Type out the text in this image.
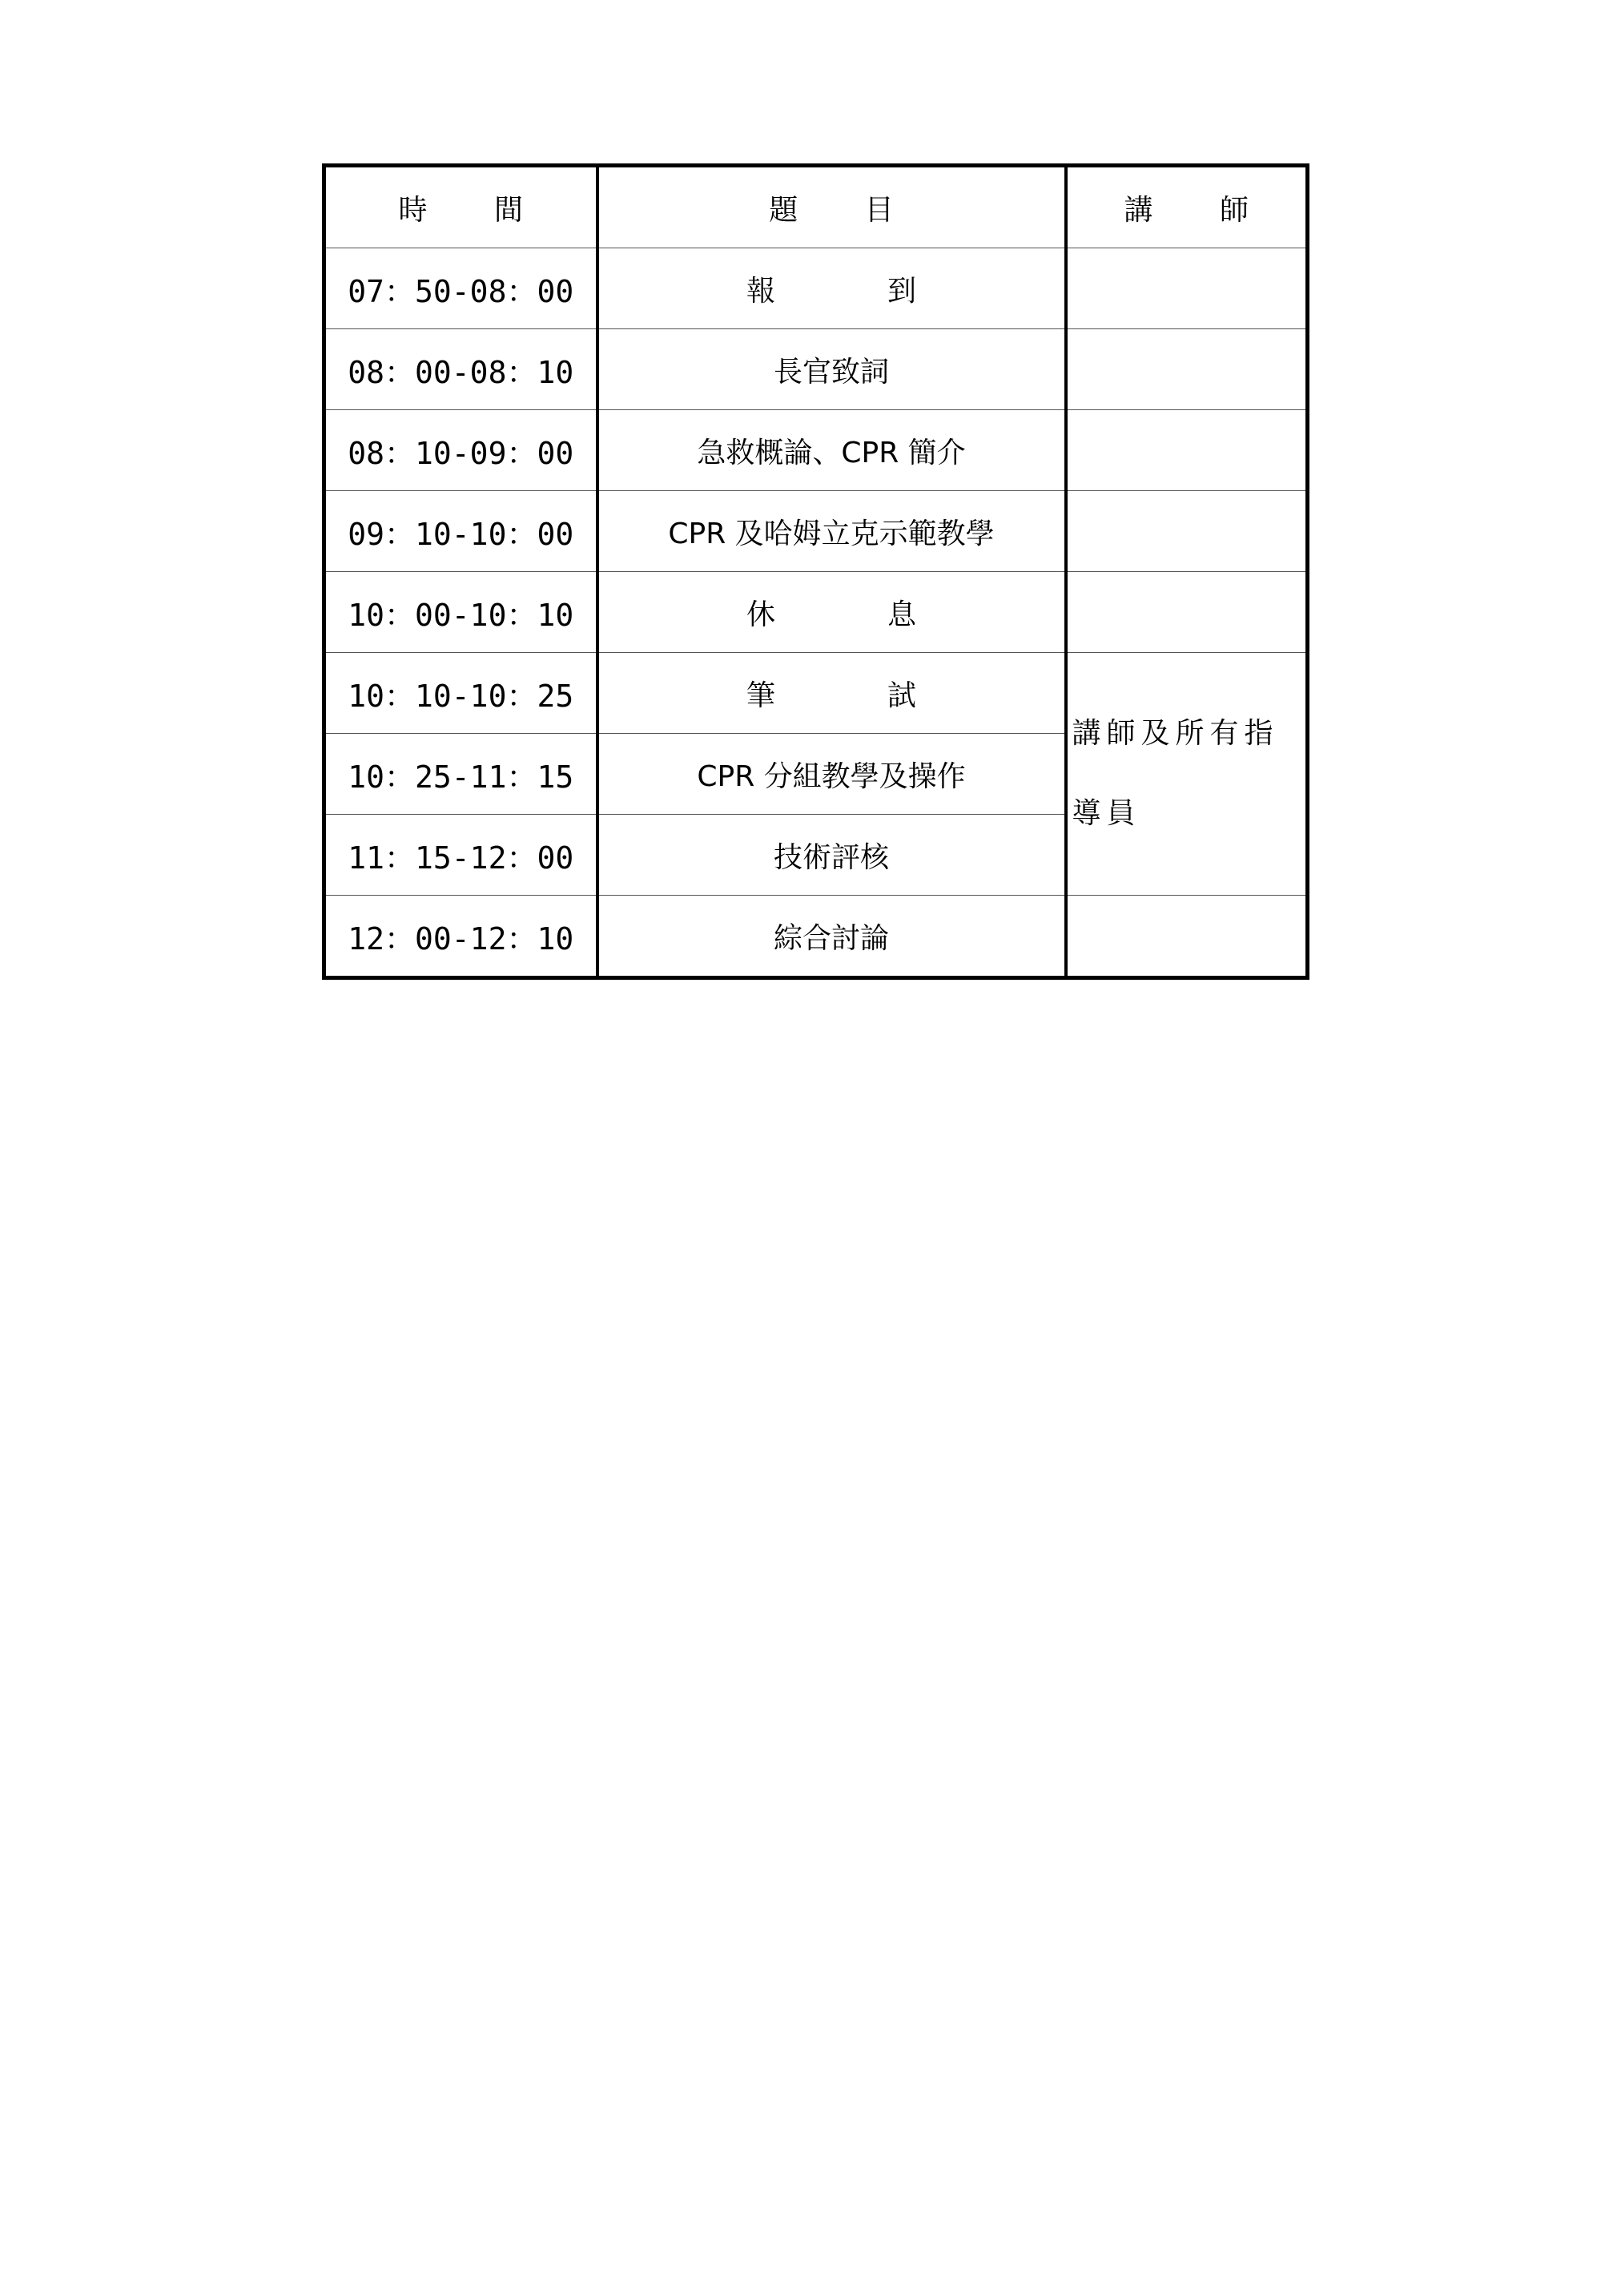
時 間	題 目	講 師
07：50-08：00	報　到	
08：00-08：10	長官致詞	
08：10-09：00	急救概論、CPR 簡介	
09：10-10：00	CPR 及哈姆立克示範教學	
10：00-10：10	休　息	
10：10-10：25	筆　試	講師及所有指導員

10：25-11：15	CPR 分組教學及操作	
11：15-12：00	技術評核	
12：00-12：10	綜合討論	
